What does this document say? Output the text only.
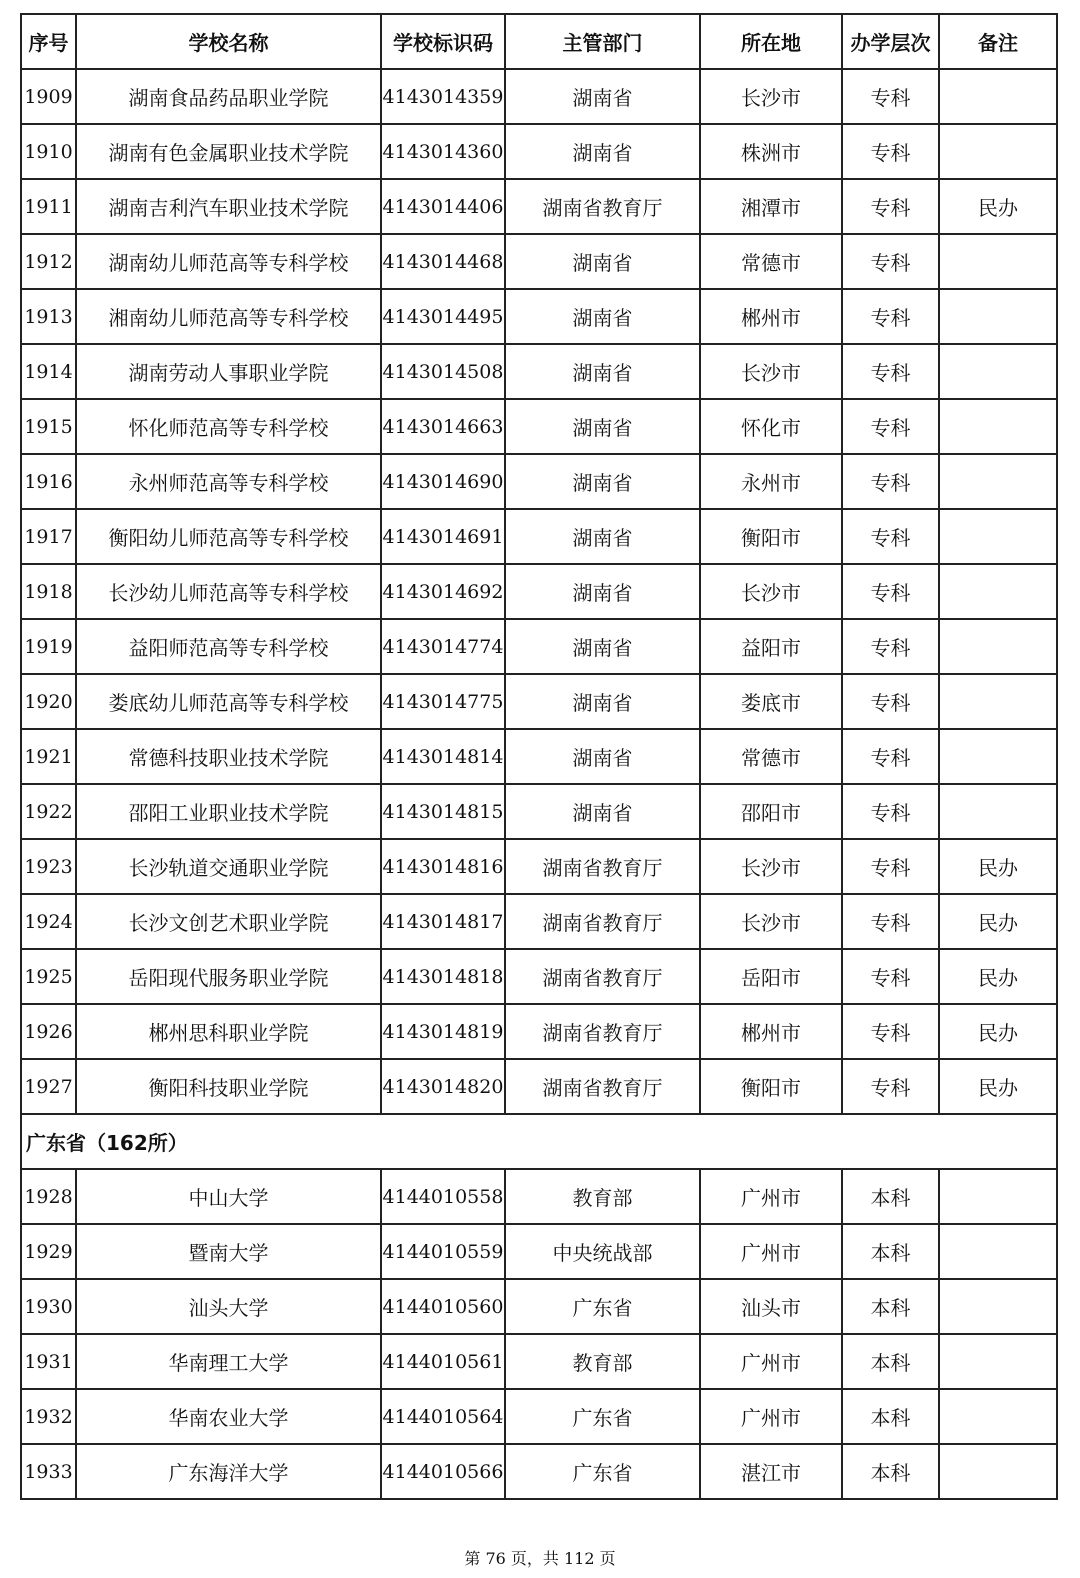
序号	学校名称	学校标识码	主管部门	所在地	办学层次	备注
1909	湖南食品药品职业学院	4143014359	湖南省	长沙市	专科	
1910	湖南有色金属职业技术学院	4143014360	湖南省	株洲市	专科	
1911	湖南吉利汽车职业技术学院	4143014406	湖南省教育厅	湘潭市	专科	民办
1912	湖南幼儿师范高等专科学校	4143014468	湖南省	常德市	专科	
1913	湘南幼儿师范高等专科学校	4143014495	湖南省	郴州市	专科	
1914	湖南劳动人事职业学院	4143014508	湖南省	长沙市	专科	
1915	怀化师范高等专科学校	4143014663	湖南省	怀化市	专科	
1916	永州师范高等专科学校	4143014690	湖南省	永州市	专科	
1917	衡阳幼儿师范高等专科学校	4143014691	湖南省	衡阳市	专科	
1918	长沙幼儿师范高等专科学校	4143014692	湖南省	长沙市	专科	
1919	益阳师范高等专科学校	4143014774	湖南省	益阳市	专科	
1920	娄底幼儿师范高等专科学校	4143014775	湖南省	娄底市	专科	
1921	常德科技职业技术学院	4143014814	湖南省	常德市	专科	
1922	邵阳工业职业技术学院	4143014815	湖南省	邵阳市	专科	
1923	长沙轨道交通职业学院	4143014816	湖南省教育厅	长沙市	专科	民办
1924	长沙文创艺术职业学院	4143014817	湖南省教育厅	长沙市	专科	民办
1925	岳阳现代服务职业学院	4143014818	湖南省教育厅	岳阳市	专科	民办
1926	郴州思科职业学院	4143014819	湖南省教育厅	郴州市	专科	民办
1927	衡阳科技职业学院	4143014820	湖南省教育厅	衡阳市	专科	民办
广东省（162所）						
1928	中山大学	4144010558	教育部	广州市	本科	
1929	暨南大学	4144010559	中央统战部	广州市	本科	
1930	汕头大学	4144010560	广东省	汕头市	本科	
1931	华南理工大学	4144010561	教育部	广州市	本科	
1932	华南农业大学	4144010564	广东省	广州市	本科	
1933	广东海洋大学	4144010566	广东省	湛江市	本科	
第 76 页，共 112 页
